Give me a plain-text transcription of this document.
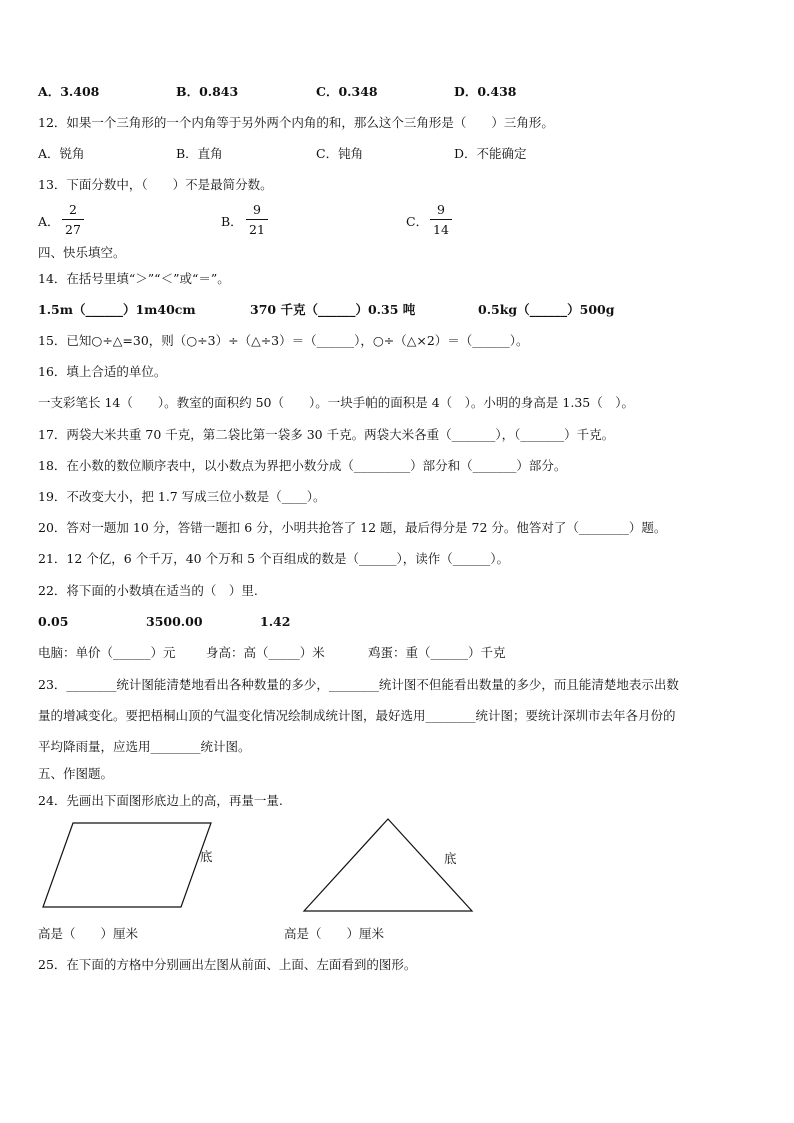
A．3.408	B．0.843	C．0.348	D．0.438
12．如果一个三角形的一个内角等于另外两个内角的和，那么这个三角形是（　　）三角形。
A．锐角	B．直角	C．钝角	D．不能确定
13．下面分数中，（　　）不是最简分数。
A．
2
27
B．
9
21
C．
9
14
四、快乐填空。
14．在括号里填“＞”“＜”或“＝”。
1.5m（______）1m40cm	370 千克（______）0.35 吨	0.5kg（______）500g
15．已知○÷△=30，则（○÷3）÷（△÷3）＝（______），○÷（△×2）＝（______）。
16．填上合适的单位。
一支彩笔长 14（　　）。教室的面积约 50（　　）。一块手帕的面积是 4（　）。小明的身高是 1.35（　）。
17．两袋大米共重 70 千克，第二袋比第一袋多 30 千克。两袋大米各重（_______），（_______）千克。
18．在小数的数位顺序表中，以小数点为界把小数分成（_________）部分和（_______）部分。
19．不改变大小，把 1.7 写成三位小数是（____）。
20．答对一题加 10 分，答错一题扣 6 分，小明共抢答了 12 题，最后得分是 72 分。他答对了（________）题。
21．12 个亿，6 个千万，40 个万和 5 个百组成的数是（______），读作（______）。
22．将下面的小数填在适当的（　）里.
0.05	3500.00	1.42
电脑：单价（______）元 身高：高（_____）米	鸡蛋：重（______）千克
23．________统计图能清楚地看出各种数量的多少，________统计图不但能看出数量的多少，而且能清楚地表示出数
量的增减变化。要把梧桐山顶的气温变化情况绘制成统计图，最好选用________统计图；要统计深圳市去年各月份的
平均降雨量，应选用________统计图。
五、作图题。
24．先画出下面图形底边上的高，再量一量.
底	底
高是（　　）厘米	高是（　　）厘米
25．在下面的方格中分别画出左图从前面、上面、左面看到的图形。
